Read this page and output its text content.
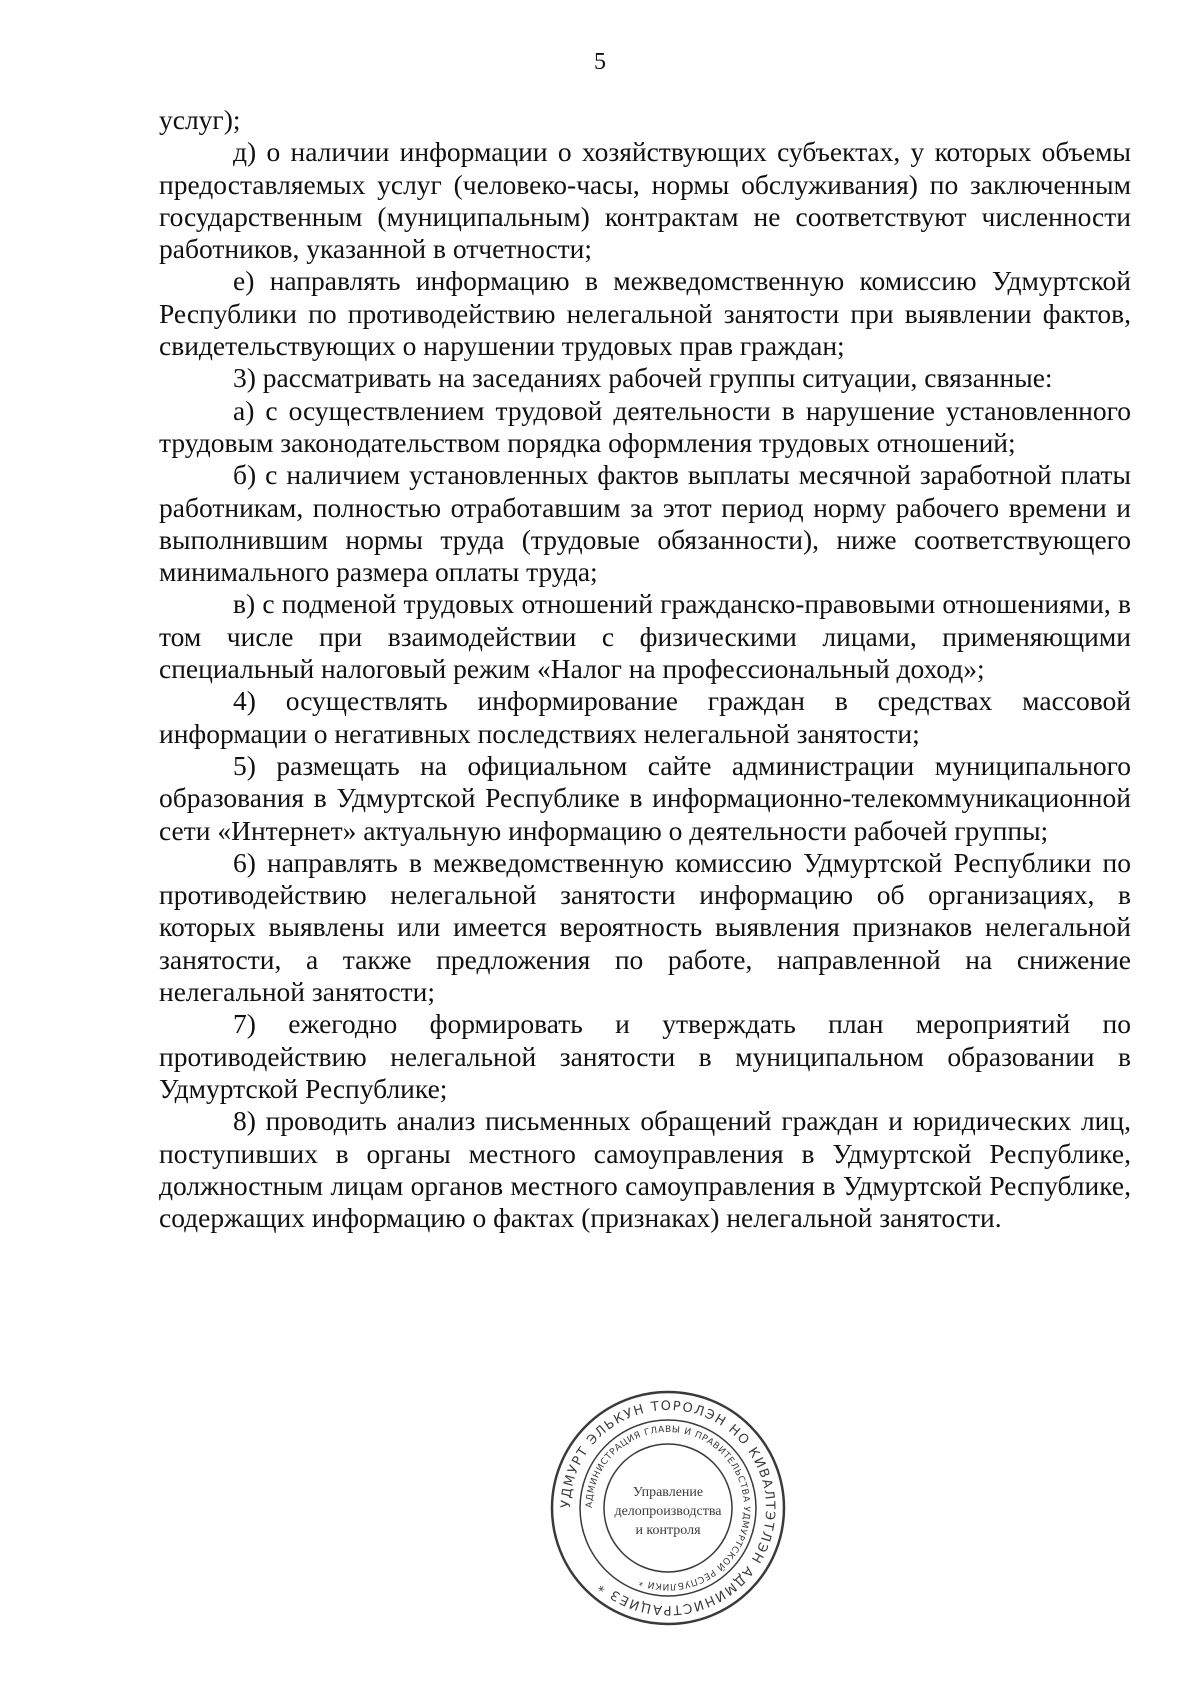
5

услуг);

д) о наличии информации о хозяйствующих субъектах, у которых объемы предоставляемых услуг (человеко-часы, нормы обслуживания) по заключенным государственным (муниципальным) контрактам не соответствуют численности работников, указанной в отчетности;

е) направлять информацию в межведомственную комиссию Удмуртской Республики по противодействию нелегальной занятости при выявлении фактов, свидетельствующих о нарушении трудовых прав граждан;

3) рассматривать на заседаниях рабочей группы ситуации, связанные:

а) с осуществлением трудовой деятельности в нарушение установленного трудовым законодательством порядка оформления трудовых отношений;

б) с наличием установленных фактов выплаты месячной заработной платы работникам, полностью отработавшим за этот период норму рабочего времени и выполнившим нормы труда (трудовые обязанности), ниже соответствующего минимального размера оплаты труда;

в) с подменой трудовых отношений гражданско-правовыми отношениями, в том числе при взаимодействии с физическими лицами, применяющими специальный налоговый режим «Налог на профессиональный доход»;

4) осуществлять информирование граждан в средствах массовой информации о негативных последствиях нелегальной занятости;

5) размещать на официальном сайте администрации муниципального образования в Удмуртской Республике в информационно-телекоммуникационной сети «Интернет» актуальную информацию о деятельности рабочей группы;

6) направлять в межведомственную комиссию Удмуртской Республики по противодействию нелегальной занятости информацию об организациях, в которых выявлены или имеется вероятность выявления признаков нелегальной занятости, а также предложения по работе, направленной на снижение нелегальной занятости;

7) ежегодно формировать и утверждать план мероприятий по противодействию нелегальной занятости в муниципальном образовании в Удмуртской Республике;

8) проводить анализ письменных обращений граждан и юридических лиц, поступивших в органы местного самоуправления в Удмуртской Республике, должностным лицам органов местного самоуправления в Удмуртской Республике, содержащих информацию о фактах (признаках) нелегальной занятости.

УДМУРТ ЭЛЬКУН ТОРОЛЭН НО КИВАЛТЭТЛЭН АДМИНИСТРАЦИЕЗ *
АДМИНИСТРАЦИЯ ГЛАВЫ И ПРАВИТЕЛЬСТВА УДМУРТСКОЙ РЕСПУБЛИКИ *
Управление
делопроизводства
и контроля
